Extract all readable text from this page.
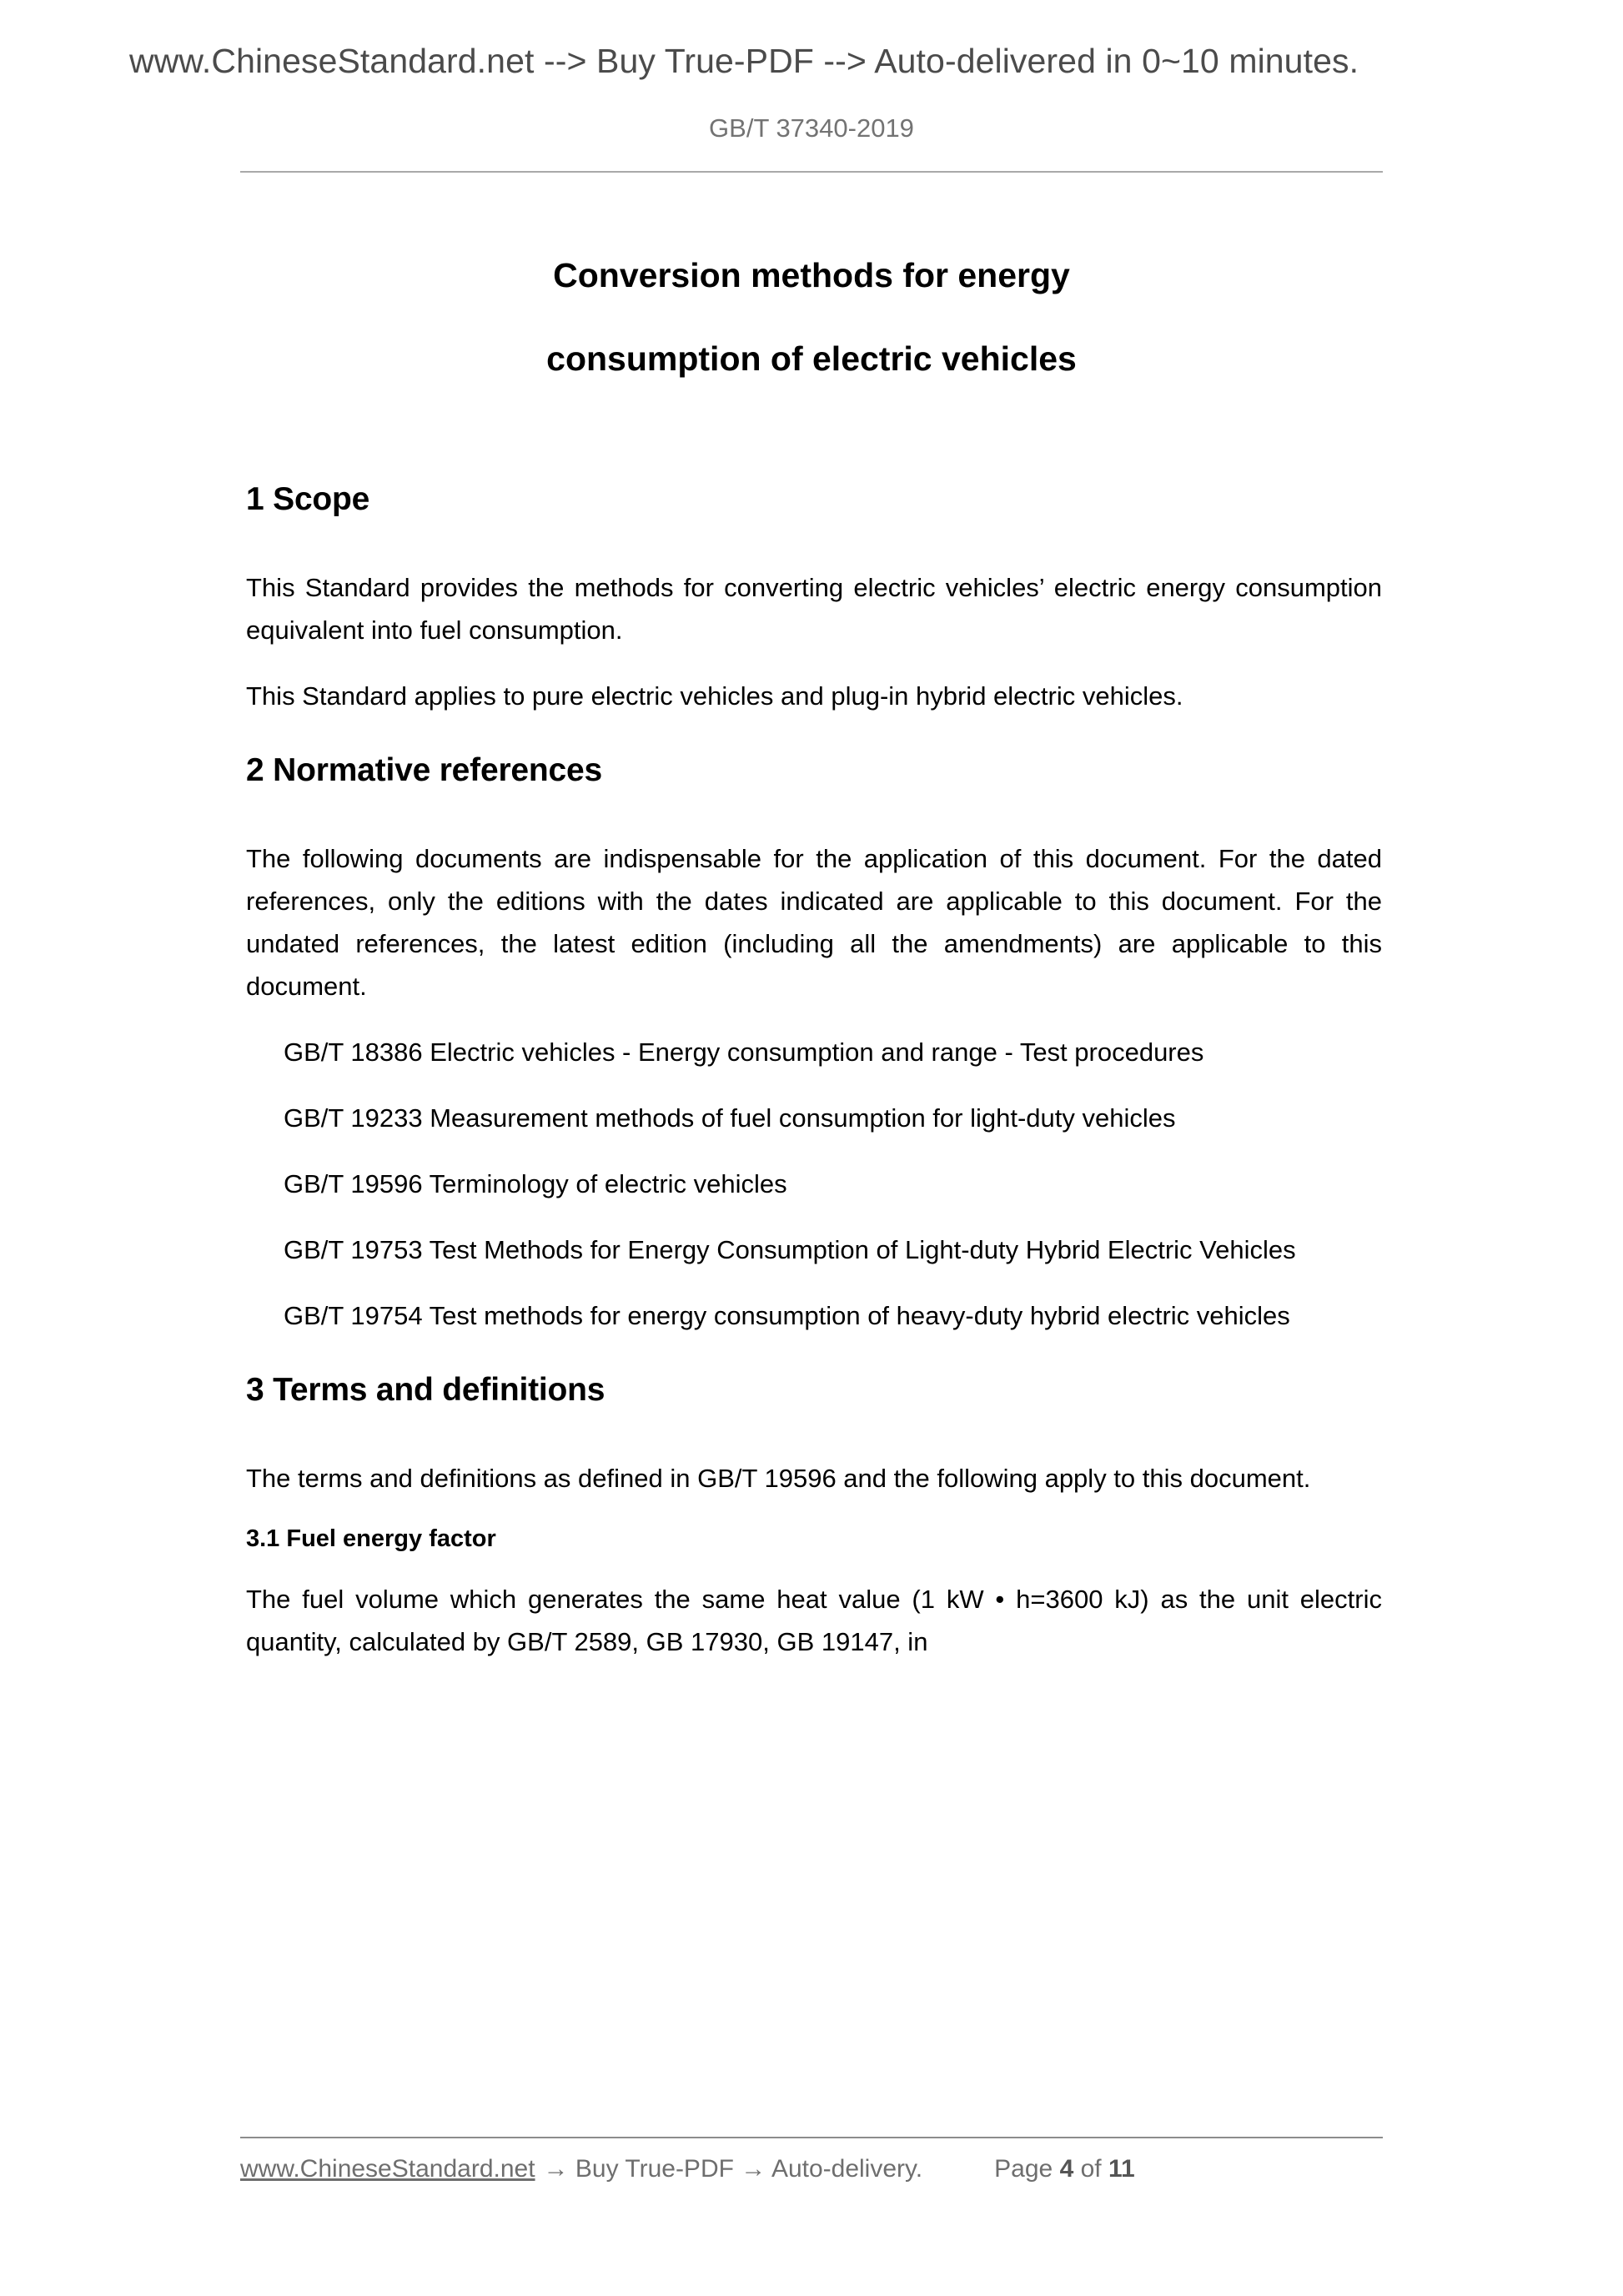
www.ChineseStandard.net --> Buy True-PDF --> Auto-delivered in 0~10 minutes.
GB/T 37340-2019
Conversion methods for energy
consumption of electric vehicles
1 Scope

This Standard provides the methods for converting electric vehicles’ electric energy consumption equivalent into fuel consumption.

This Standard applies to pure electric vehicles and plug-in hybrid electric vehicles.

2 Normative references

The following documents are indispensable for the application of this document. For the dated references, only the editions with the dates indicated are applicable to this document. For the undated references, the latest edition (including all the amendments) are applicable to this document.

GB/T 18386 Electric vehicles - Energy consumption and range - Test procedures

GB/T 19233 Measurement methods of fuel consumption for light-duty vehicles

GB/T 19596 Terminology of electric vehicles

GB/T 19753 Test Methods for Energy Consumption of Light-duty Hybrid Electric Vehicles

GB/T 19754 Test methods for energy consumption of heavy-duty hybrid electric vehicles

3 Terms and definitions

The terms and definitions as defined in GB/T 19596 and the following apply to this document.

3.1 Fuel energy factor

The fuel volume which generates the same heat value (1 kW • h=3600 kJ) as the unit electric quantity, calculated by GB/T 2589, GB 17930, GB 19147, in

www.ChineseStandard.net → Buy True-PDF → Auto-delivery.	Page 4 of 11
